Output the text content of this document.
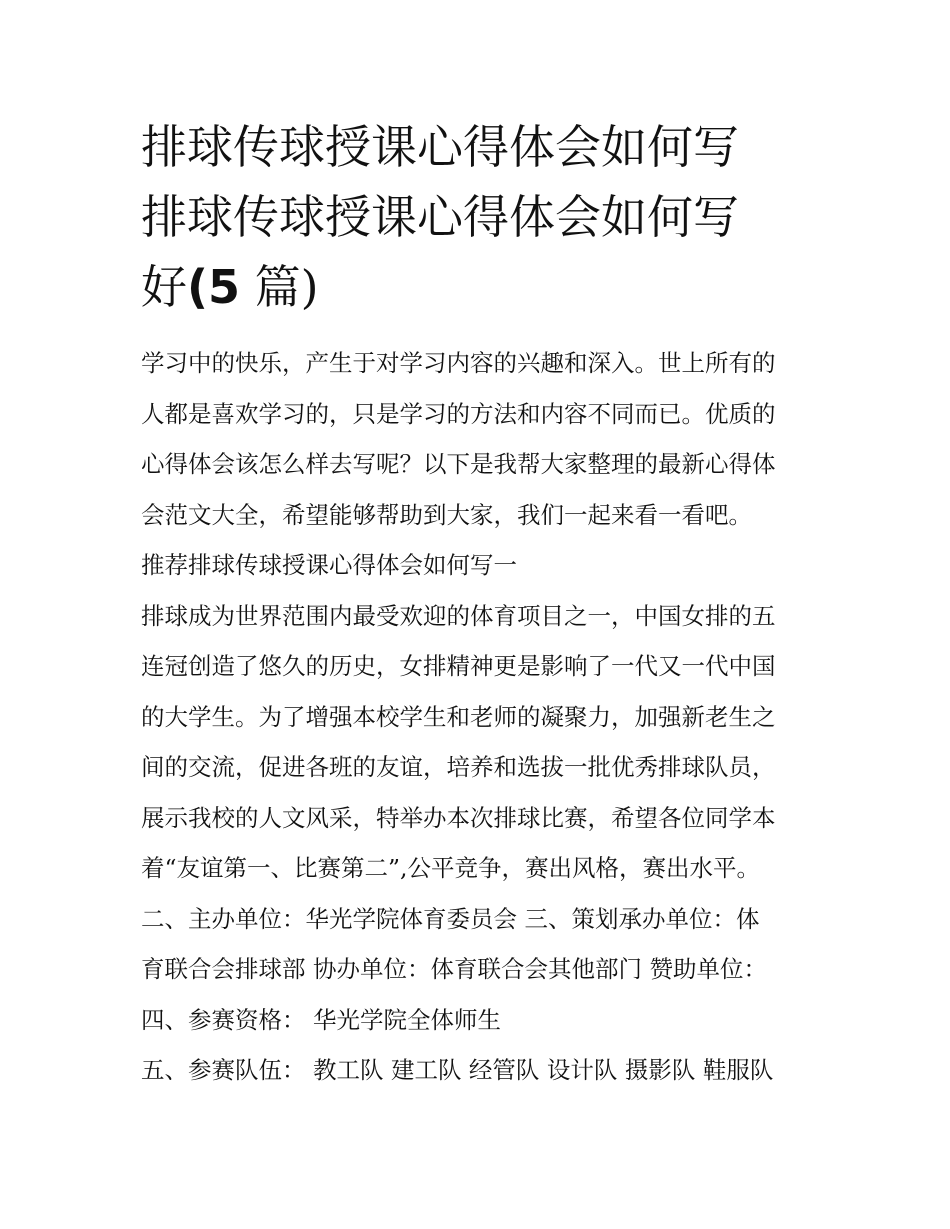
排球传球授课心得体会如何写
排球传球授课心得体会如何写
好(5 篇)

学习中的快乐，产生于对学习内容的兴趣和深入。世上所有的

人都是喜欢学习的，只是学习的方法和内容不同而已。优质的

心得体会该怎么样去写呢？以下是我帮大家整理的最新心得体

会范文大全，希望能够帮助到大家，我们一起来看一看吧。

推荐排球传球授课心得体会如何写一

排球成为世界范围内最受欢迎的体育项目之一，中国女排的五

连冠创造了悠久的历史，女排精神更是影响了一代又一代中国

的大学生。为了增强本校学生和老师的凝聚力，加强新老生之

间的交流，促进各班的友谊，培养和选拔一批优秀排球队员，

展示我校的人文风采，特举办本次排球比赛，希望各位同学本

着“友谊第一、比赛第二”,公平竞争，赛出风格，赛出水平。

二、主办单位：华光学院体育委员会 三、策划承办单位：体

育联合会排球部 协办单位：体育联合会其他部门 赞助单位：

四、参赛资格： 华光学院全体师生

五、参赛队伍： 教工队 建工队 经管队 设计队 摄影队 鞋服队
